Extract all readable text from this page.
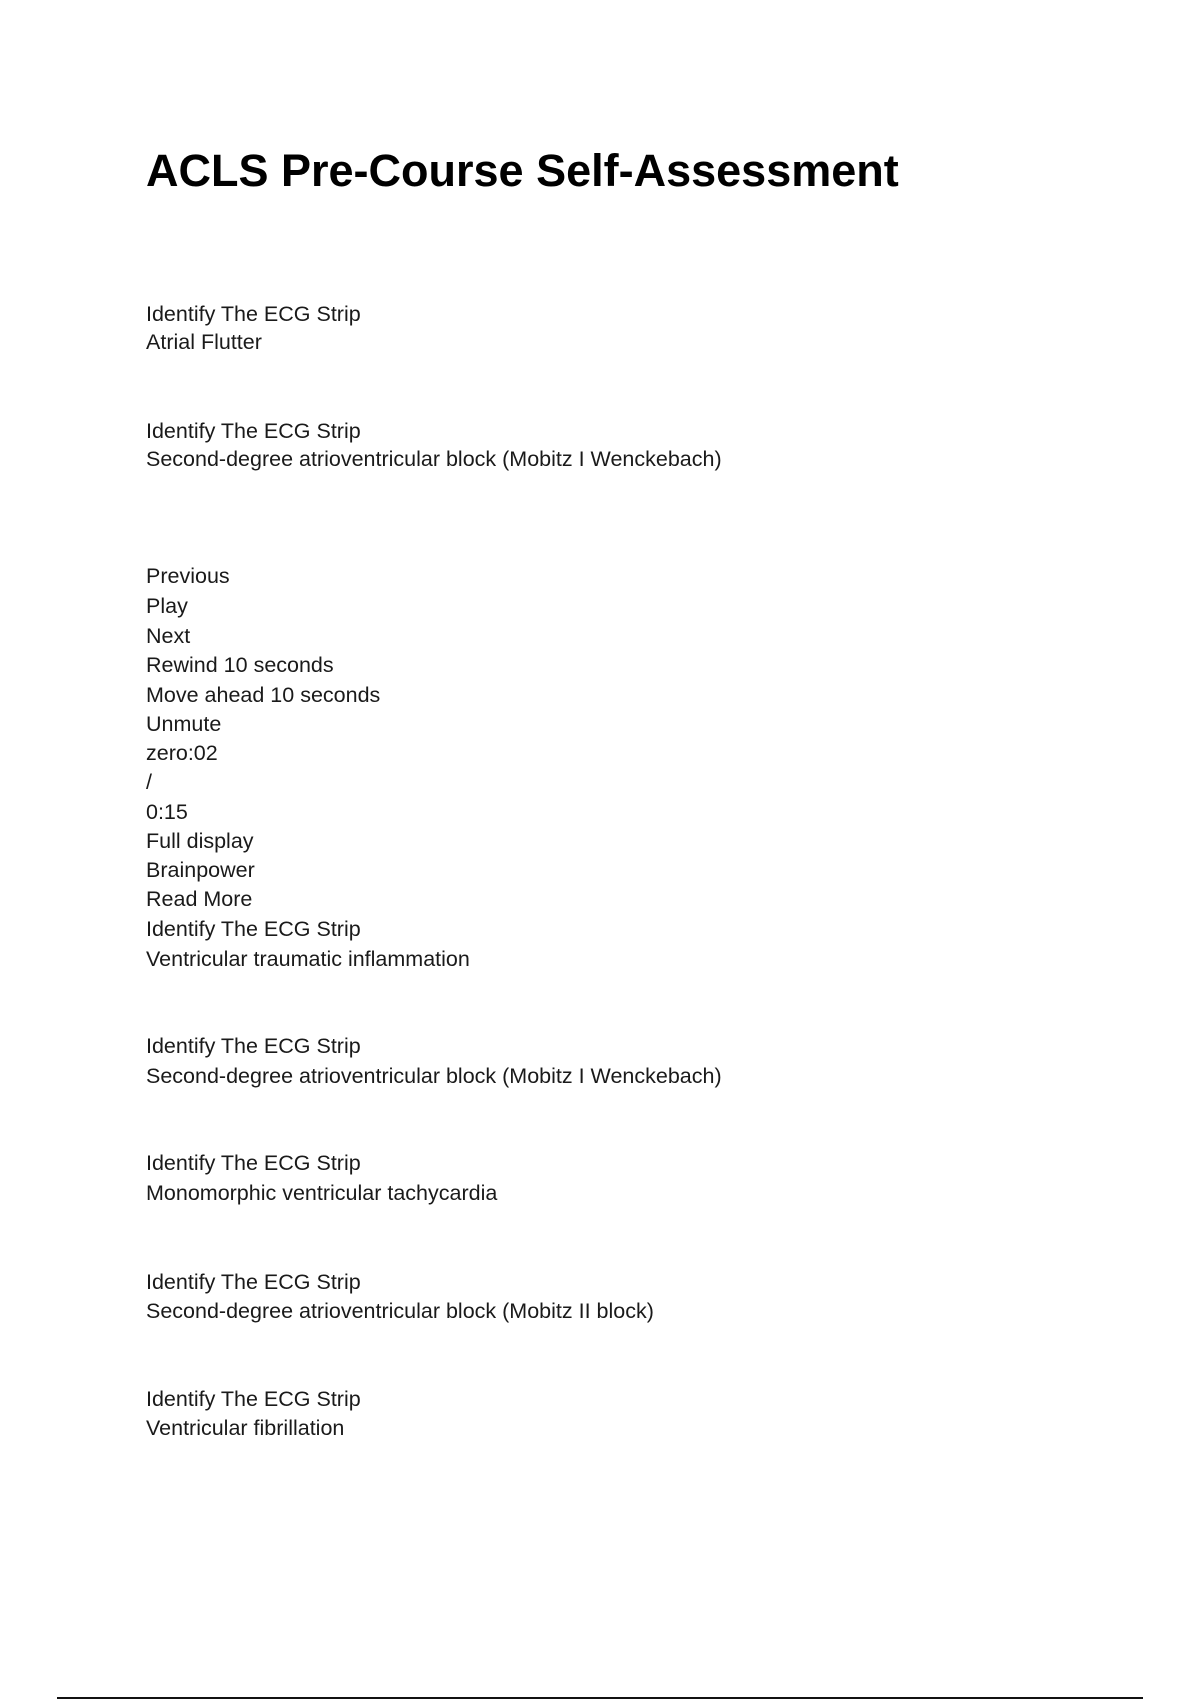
ACLS Pre-Course Self-Assessment
Identify The ECG Strip
Atrial Flutter
Identify The ECG Strip
Second-degree atrioventricular block (Mobitz I Wenckebach)
Previous
Play
Next
Rewind 10 seconds
Move ahead 10 seconds
Unmute
zero:02
/
0:15
Full display
Brainpower
Read More
Identify The ECG Strip
Ventricular traumatic inflammation
Identify The ECG Strip
Second-degree atrioventricular block (Mobitz I Wenckebach)
Identify The ECG Strip
Monomorphic ventricular tachycardia
Identify The ECG Strip
Second-degree atrioventricular block (Mobitz II block)
Identify The ECG Strip
Ventricular fibrillation
